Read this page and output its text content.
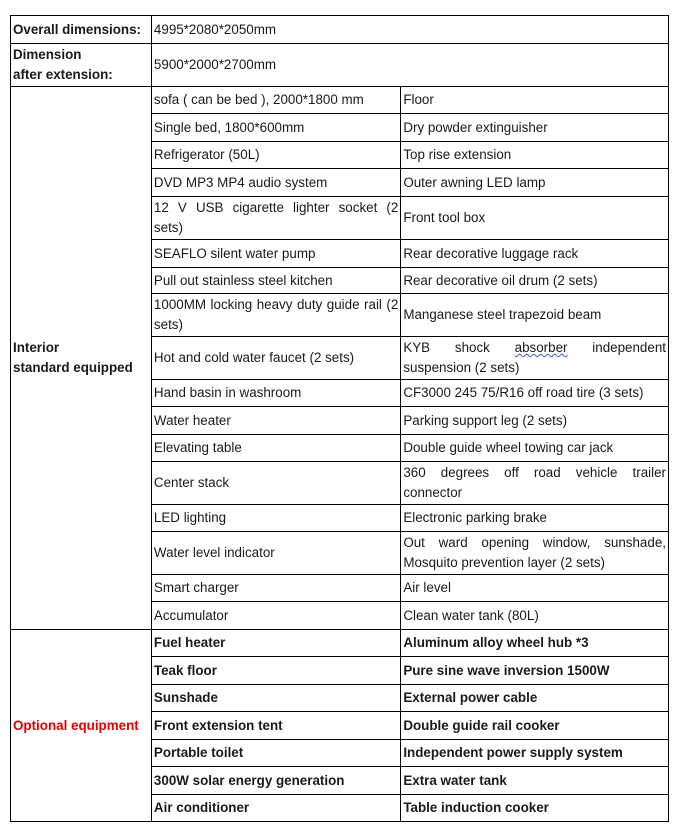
Overall dimensions:	4995*2080*2050mm	

Dimension
after extension:	5900*2000*2700mm	

Interior
standard equipped	sofa ( can be bed ), 2000*1800 mm	Floor
	Single bed, 1800*600mm	Dry powder extinguisher
	Refrigerator (50L)	Top rise extension
	DVD MP3 MP4 audio system	Outer awning LED lamp
	12 V USB cigarette lighter socket (2 sets)	Front tool box
	SEAFLO silent water pump	Rear decorative luggage rack
	Pull out stainless steel kitchen	Rear decorative oil drum (2 sets)
	1000MM locking heavy duty guide rail (2 sets)	Manganese steel trapezoid beam
	Hot and cold water faucet (2 sets)	KYB shock absorber independent suspension (2 sets)
	Hand basin in washroom	CF3000 245 75/R16 off road tire (3 sets)
	Water heater	Parking support leg (2 sets)
	Elevating table	Double guide wheel towing car jack
	Center stack	360 degrees off road vehicle trailer connector
	LED lighting	Electronic parking brake
	Water level indicator	Out ward opening window, sunshade, Mosquito prevention layer (2 sets)
	Smart charger	Air level
	Accumulator	Clean water tank (80L)
Optional equipment	Fuel heater	Aluminum alloy wheel hub *3
	Teak floor	Pure sine wave inversion 1500W
	Sunshade	External power cable
	Front extension tent	Double guide rail cooker
	Portable toilet	Independent power supply system
	300W solar energy generation	Extra water tank
	Air conditioner	Table induction cooker
